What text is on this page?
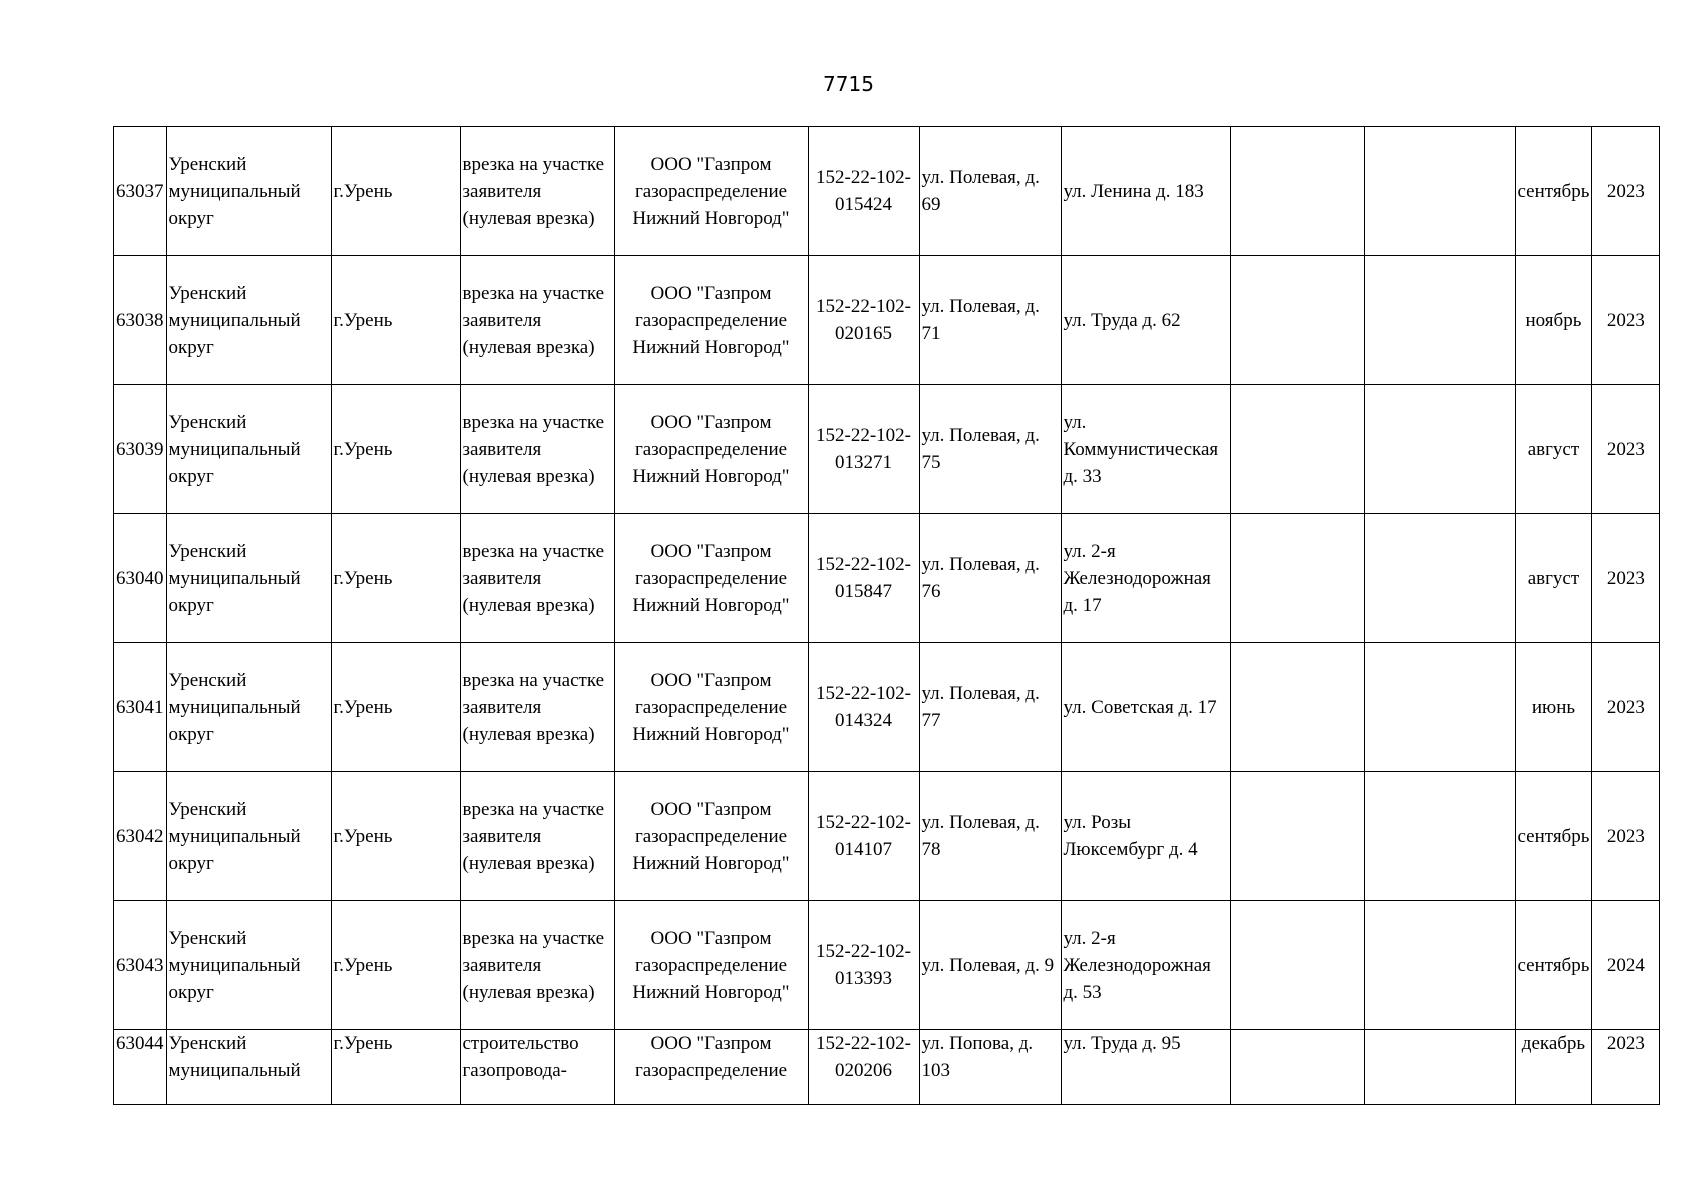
7715
63037	Уренский муниципальный округ	г.Урень	врезка на участке заявителя (нулевая врезка)	ООО "Газпром газораспределение Нижний Новгород"	152-22-102-015424	ул. Полевая, д. 69	ул. Ленина д. 183			сентябрь	2023
63038	Уренский муниципальный округ	г.Урень	врезка на участке заявителя (нулевая врезка)	ООО "Газпром газораспределение Нижний Новгород"	152-22-102-020165	ул. Полевая, д. 71	ул. Труда д. 62			ноябрь	2023
63039	Уренский муниципальный округ	г.Урень	врезка на участке заявителя (нулевая врезка)	ООО "Газпром газораспределение Нижний Новгород"	152-22-102-013271	ул. Полевая, д. 75	ул. Коммунистическая д. 33			август	2023
63040	Уренский муниципальный округ	г.Урень	врезка на участке заявителя (нулевая врезка)	ООО "Газпром газораспределение Нижний Новгород"	152-22-102-015847	ул. Полевая, д. 76	ул. 2-я Железнодорожная д. 17			август	2023
63041	Уренский муниципальный округ	г.Урень	врезка на участке заявителя (нулевая врезка)	ООО "Газпром газораспределение Нижний Новгород"	152-22-102-014324	ул. Полевая, д. 77	ул. Советская д. 17			июнь	2023
63042	Уренский муниципальный округ	г.Урень	врезка на участке заявителя (нулевая врезка)	ООО "Газпром газораспределение Нижний Новгород"	152-22-102-014107	ул. Полевая, д. 78	ул. Розы Люксембург д. 4			сентябрь	2023
63043	Уренский муниципальный округ	г.Урень	врезка на участке заявителя (нулевая врезка)	ООО "Газпром газораспределение Нижний Новгород"	152-22-102-013393	ул. Полевая, д. 9	ул. 2-я Железнодорожная д. 53			сентябрь	2024
63044	Уренский муниципальный	г.Урень	строительство газопровода-	ООО "Газпром газораспределение	152-22-102-020206	ул. Попова, д. 103	ул. Труда д. 95			декабрь	2023
